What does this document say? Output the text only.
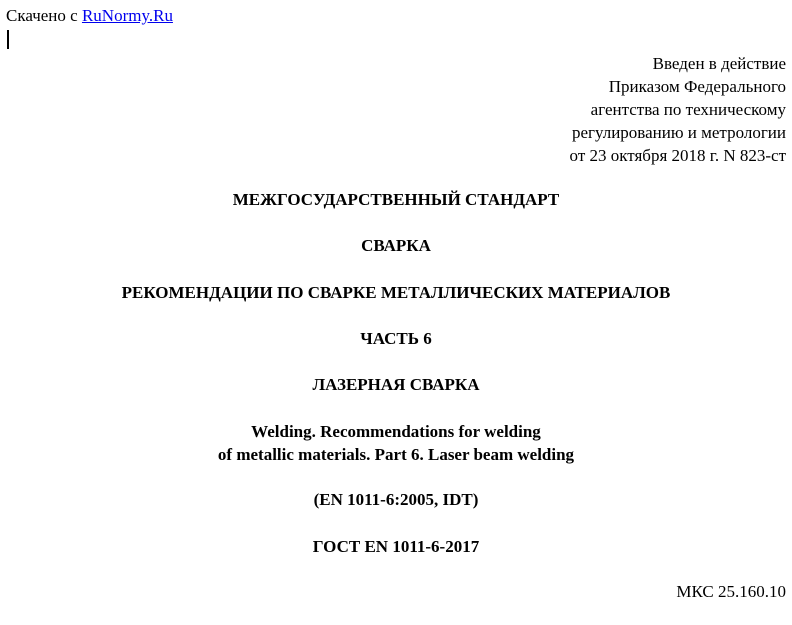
Скачено с RuNormy.Ru
Введен в действие
Приказом Федерального
агентства по техническому
регулированию и метрологии
от 23 октября 2018 г. N 823-ст
МЕЖГОСУДАРСТВЕННЫЙ СТАНДАРТ
СВАРКА
РЕКОМЕНДАЦИИ ПО СВАРКЕ МЕТАЛЛИЧЕСКИХ МАТЕРИАЛОВ
ЧАСТЬ 6
ЛАЗЕРНАЯ СВАРКА
Welding. Recommendations for welding
of metallic materials. Part 6. Laser beam welding
(EN 1011-6:2005, IDT)
ГОСТ EN 1011-6-2017
МКС 25.160.10
